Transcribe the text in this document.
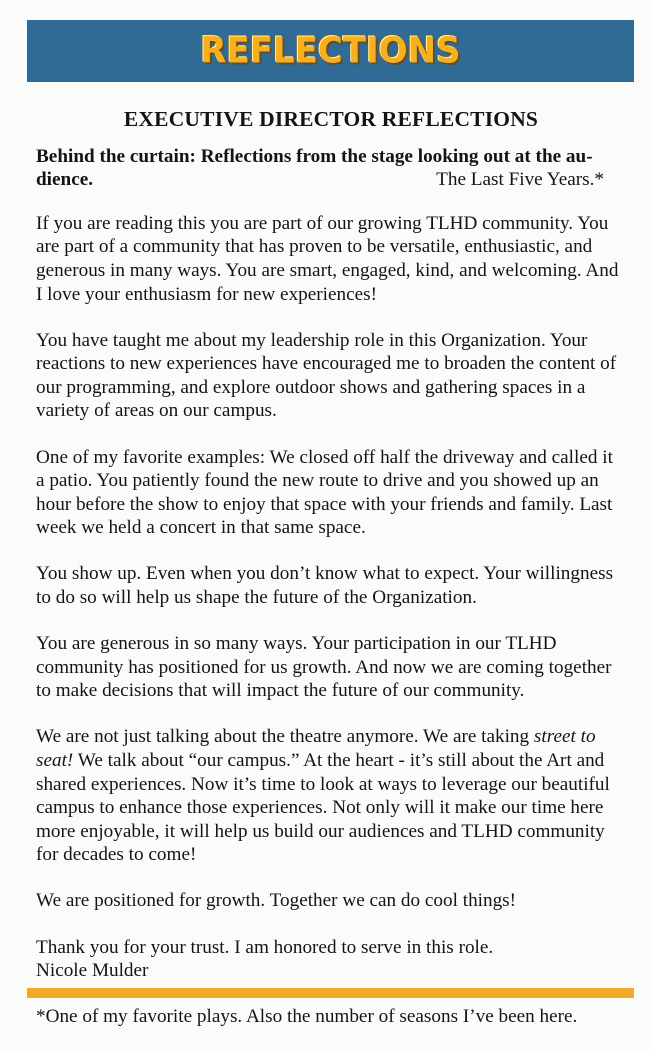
REFLECTIONS
EXECUTIVE DIRECTOR REFLECTIONS
Behind the curtain: Reflections from the stage looking out at the au-
dience.	The Last Five Years.*

If you are reading this you are part of our growing TLHD community. You are part of a community that has proven to be versatile, enthusiastic, and generous in many ways. You are smart, engaged, kind, and welcoming. And I love your enthusiasm for new experiences!

You have taught me about my leadership role in this Organization. Your reactions to new experiences have encouraged me to broaden the content of our programming, and explore outdoor shows and gathering spaces in a variety of areas on our campus.

One of my favorite examples: We closed off half the driveway and called it a patio. You patiently found the new route to drive and you showed up an hour before the show to enjoy that space with your friends and family. Last week we held a concert in that same space.

You show up. Even when you don’t know what to expect. Your willingness to do so will help us shape the future of the Organization.

You are generous in so many ways. Your participation in our TLHD community has positioned for us growth. And now we are coming together to make decisions that will impact the future of our community.

We are not just talking about the theatre anymore. We are taking street to seat! We talk about “our campus.” At the heart - it’s still about the Art and shared experiences. Now it’s time to look at ways to leverage our beautiful campus to enhance those experiences. Not only will it make our time here more enjoyable, it will help us build our audiences and TLHD community for decades to come!

We are positioned for growth. Together we can do cool things!

Thank you for your trust. I am honored to serve in this role.
Nicole Mulder

*One of my favorite plays. Also the number of seasons I’ve been here.
